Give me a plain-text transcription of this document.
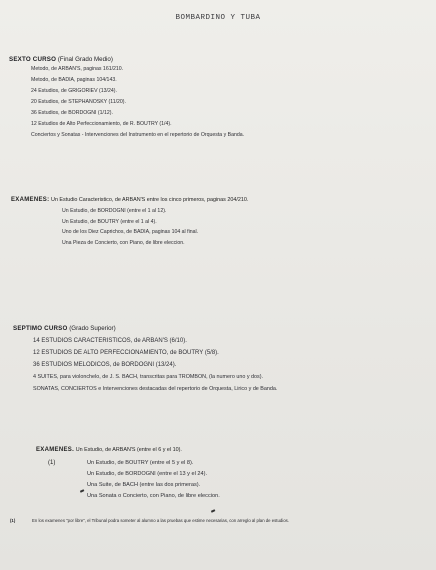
BOMBARDINO Y TUBA
SEXTO CURSO (Final Grado Medio)
Metodo, de ARBAN'S, paginas 161/210.
Metodo, de BADIA, paginas 104/143.
24 Estudios, de GRIGORIEV (13/24).
20 Estudios, de STEPHANOSKY (11/20).
36 Estudios, de BORDOGNI (1/12).
12 Estudios de Alto Perfeccionamiento, de R. BOUTRY (1/4).
Conciertos y Sonatas - Intervenciones del Instrumento en el repertorio de Orquesta y Banda.
EXAMENES: Un Estudio Caracteristico, de ARBAN'S entre los cinco primeros, paginas 204/210.
Un Estudio, de BORDOGNI (entre el 1 al 12).
Un Estudio, de BOUTRY (entre el 1 al 4).
Uno de los Diez Caprichos, de BADIA, paginas 104 al final.
Una Pieza de Concierto, con Piano, de libre eleccion.
SEPTIMO CURSO (Grado Superior)
14 ESTUDIOS CARACTERISTICOS, de ARBAN'S (6/10).
12 ESTUDIOS DE ALTO PERFECCIONAMIENTO, de BOUTRY (5/8).
36 ESTUDIOS MELODICOS, de BORDOGNI (13/24).
4 SUITES, para violonchelo, de J. S. BACH, transcritas para TROMBON, (la numero uno y dos).
SONATAS, CONCIERTOS e Intervenciones destacadas del repertorio de Orquesta, Lirico y de Banda.
EXAMENES. Un Estudio, de ARBAN'S (entre el 6 y el 10).
(1)	Un Estudio, de BOUTRY (entre el 5 y el 8).
Un Estudio, de BORDOGNI (entre el 13 y el 24).
Una Suite, de BACH (entre las dos primeras).
Una Sonata o Concierto, con Piano, de libre eleccion.
(1)	En los examenes "por libre", el Tribunal podra someter al alumno a las pruebas que estime necesarias, con arreglo al plan de estudios.
